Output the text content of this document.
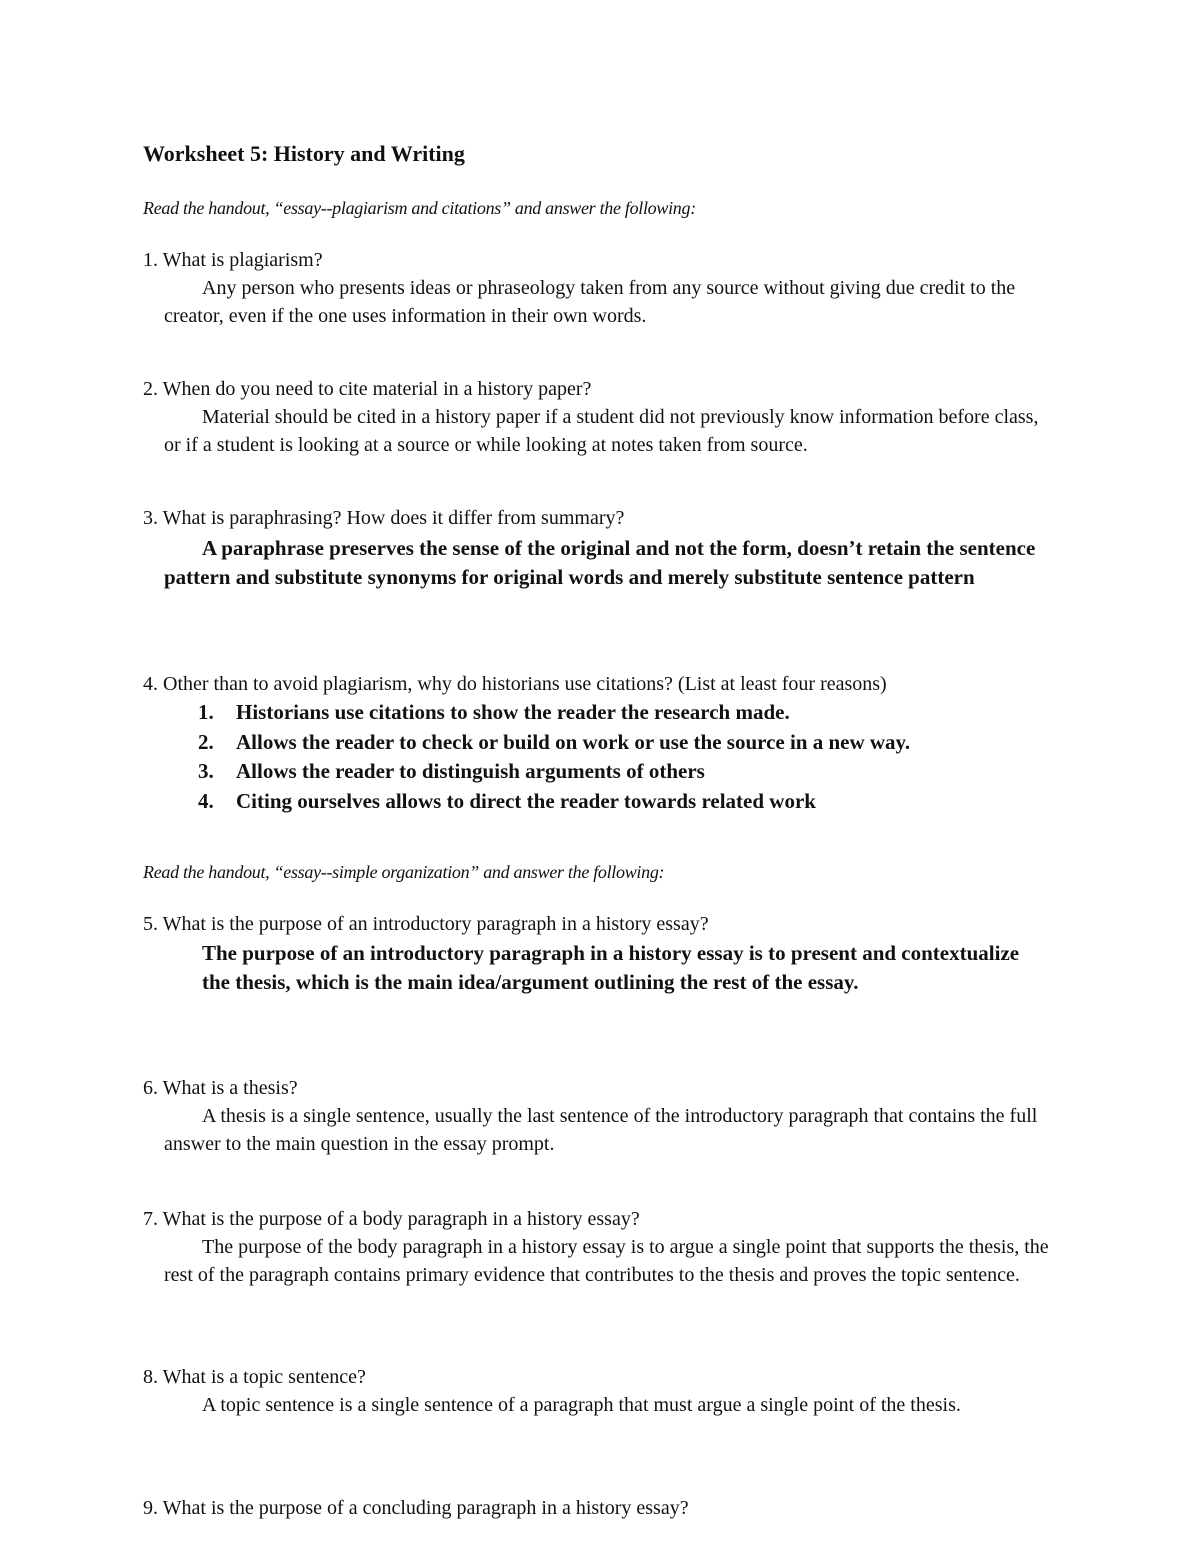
Worksheet 5: History and Writing
Read the handout, “essay--plagiarism and citations” and answer the following:
1. What is plagiarism?
Any person who presents ideas or phraseology taken from any source without giving due credit to the creator, even if the one uses information in their own words.
2. When do you need to cite material in a history paper?
Material should be cited in a history paper if a student did not previously know information before class, or if a student is looking at a source or while looking at notes taken from source.
3. What is paraphrasing? How does it differ from summary?
A paraphrase preserves the sense of the original and not the form, doesn’t retain the sentence pattern and substitute synonyms for original words and merely substitute sentence pattern
4. Other than to avoid plagiarism, why do historians use citations? (List at least four reasons)
1. Historians use citations to show the reader the research made.
2. Allows the reader to check or build on work or use the source in a new way.
3. Allows the reader to distinguish arguments of others
4. Citing ourselves allows to direct the reader towards related work
Read the handout, “essay--simple organization” and answer the following:
5. What is the purpose of an introductory paragraph in a history essay?
The purpose of an introductory paragraph in a history essay is to present and contextualize the thesis, which is the main idea/argument outlining the rest of the essay.
6. What is a thesis?
A thesis is a single sentence, usually the last sentence of the introductory paragraph that contains the full answer to the main question in the essay prompt.
7. What is the purpose of a body paragraph in a history essay?
The purpose of the body paragraph in a history essay is to argue a single point that supports the thesis, the rest of the paragraph contains primary evidence that contributes to the thesis and proves the topic sentence.
8. What is a topic sentence?
A topic sentence is a single sentence of a paragraph that must argue a single point of the thesis.
9. What is the purpose of a concluding paragraph in a history essay?
